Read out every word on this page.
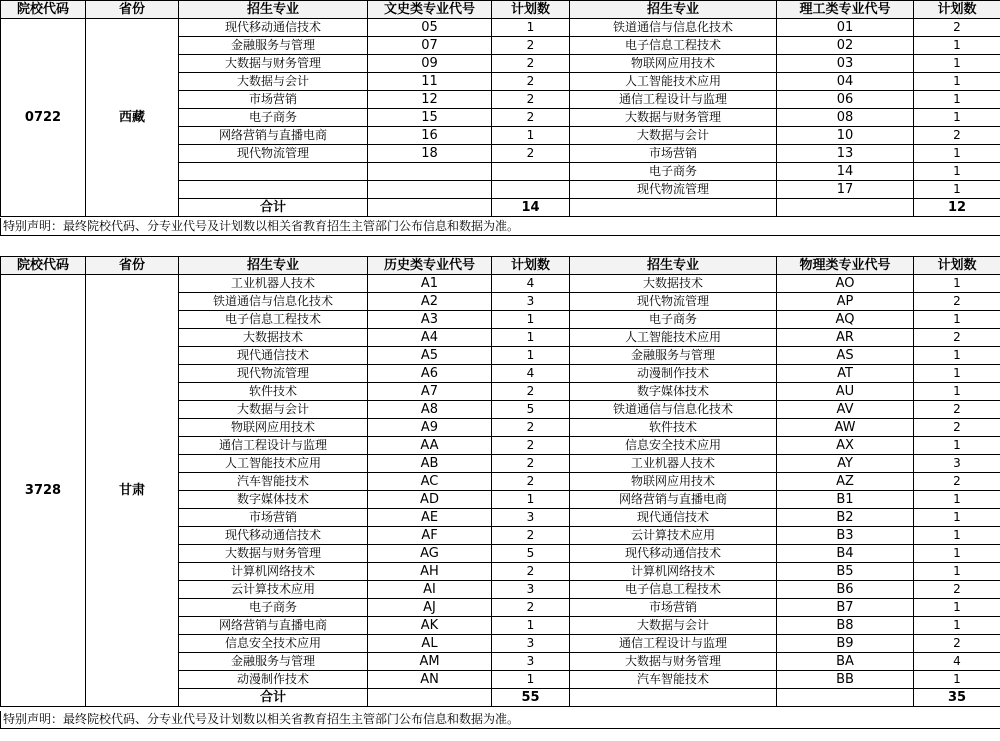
院校代码	省份	招生专业	文史类专业代号	计划数	招生专业	理工类专业代号	计划数
0722	西藏	现代移动通信技术	05	1	铁道通信与信息化技术	01	2
		金融服务与管理	07	2	电子信息工程技术	02	1
		大数据与财务管理	09	2	物联网应用技术	03	1
		大数据与会计	11	2	人工智能技术应用	04	1
		市场营销	12	2	通信工程设计与监理	06	1
		电子商务	15	2	大数据与财务管理	08	1
		网络营销与直播电商	16	1	大数据与会计	10	2
		现代物流管理	18	2	市场营销	13	1
					电子商务	14	1
					现代物流管理	17	1
		合计		14			12
特别声明：最终院校代码、分专业代号及计划数以相关省教育招生主管部门公布信息和数据为准。
院校代码	省份	招生专业	历史类专业代号	计划数	招生专业	物理类专业代号	计划数
3728	甘肃	工业机器人技术	A1	4	大数据技术	AO	1
		铁道通信与信息化技术	A2	3	现代物流管理	AP	2
		电子信息工程技术	A3	1	电子商务	AQ	1
		大数据技术	A4	1	人工智能技术应用	AR	2
		现代通信技术	A5	1	金融服务与管理	AS	1
		现代物流管理	A6	4	动漫制作技术	AT	1
		软件技术	A7	2	数字媒体技术	AU	1
		大数据与会计	A8	5	铁道通信与信息化技术	AV	2
		物联网应用技术	A9	2	软件技术	AW	2
		通信工程设计与监理	AA	2	信息安全技术应用	AX	1
		人工智能技术应用	AB	2	工业机器人技术	AY	3
		汽车智能技术	AC	2	物联网应用技术	AZ	2
		数字媒体技术	AD	1	网络营销与直播电商	B1	1
		市场营销	AE	3	现代通信技术	B2	1
		现代移动通信技术	AF	2	云计算技术应用	B3	1
		大数据与财务管理	AG	5	现代移动通信技术	B4	1
		计算机网络技术	AH	2	计算机网络技术	B5	1
		云计算技术应用	AI	3	电子信息工程技术	B6	2
		电子商务	AJ	2	市场营销	B7	1
		网络营销与直播电商	AK	1	大数据与会计	B8	1
		信息安全技术应用	AL	3	通信工程设计与监理	B9	2
		金融服务与管理	AM	3	大数据与财务管理	BA	4
		动漫制作技术	AN	1	汽车智能技术	BB	1
		合计		55			35
特别声明：最终院校代码、分专业代号及计划数以相关省教育招生主管部门公布信息和数据为准。
